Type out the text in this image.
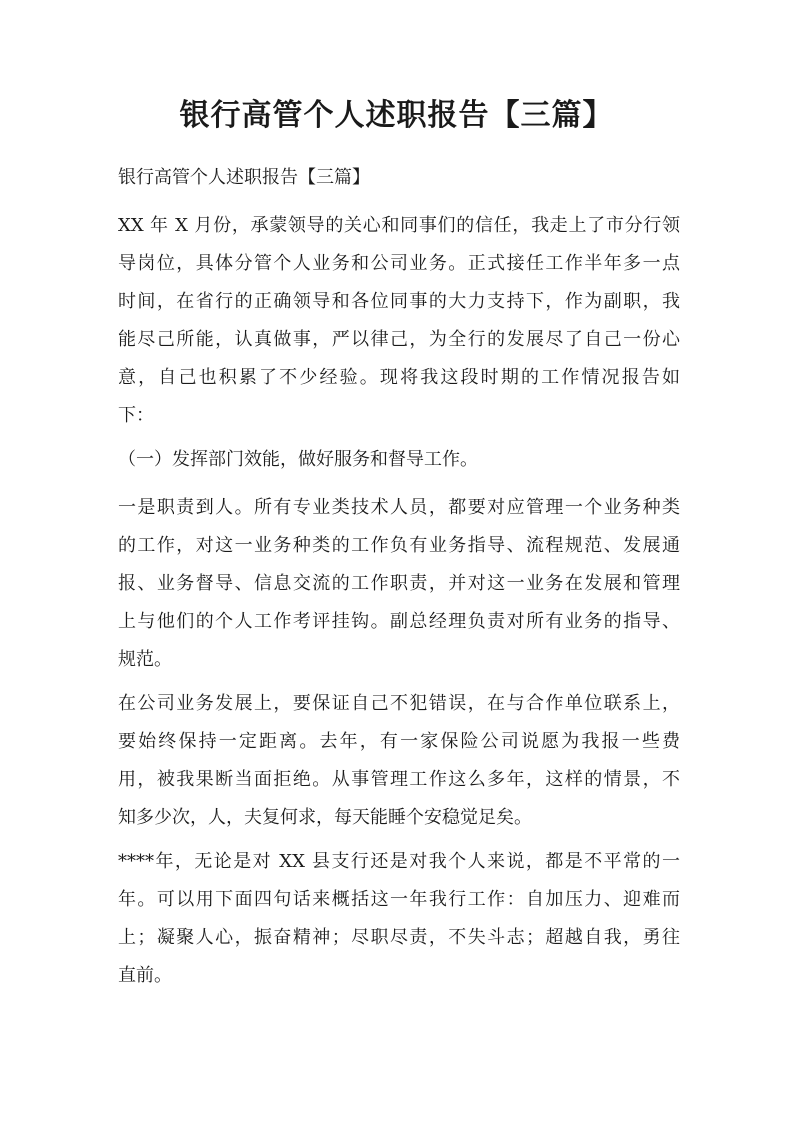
银行高管个人述职报告【三篇】
银行高管个人述职报告【三篇】
XX 年 X 月份，承蒙领导的关心和同事们的信任，我走上了市分行领
导岗位，具体分管个人业务和公司业务。正式接任工作半年多一点
时间，在省行的正确领导和各位同事的大力支持下，作为副职，我
能尽己所能，认真做事，严以律己，为全行的发展尽了自己一份心
意，自己也积累了不少经验。现将我这段时期的工作情况报告如
下：
（一）发挥部门效能，做好服务和督导工作。
一是职责到人。所有专业类技术人员，都要对应管理一个业务种类
的工作，对这一业务种类的工作负有业务指导、流程规范、发展通
报、业务督导、信息交流的工作职责，并对这一业务在发展和管理
上与他们的个人工作考评挂钩。副总经理负责对所有业务的指导、
规范。
在公司业务发展上，要保证自己不犯错误，在与合作单位联系上，
要始终保持一定距离。去年，有一家保险公司说愿为我报一些费
用，被我果断当面拒绝。从事管理工作这么多年，这样的情景，不
知多少次，人，夫复何求，每天能睡个安稳觉足矣。
****年，无论是对 XX 县支行还是对我个人来说，都是不平常的一
年。可以用下面四句话来概括这一年我行工作：自加压力、迎难而
上；凝聚人心，振奋精神；尽职尽责，不失斗志；超越自我，勇往
直前。
